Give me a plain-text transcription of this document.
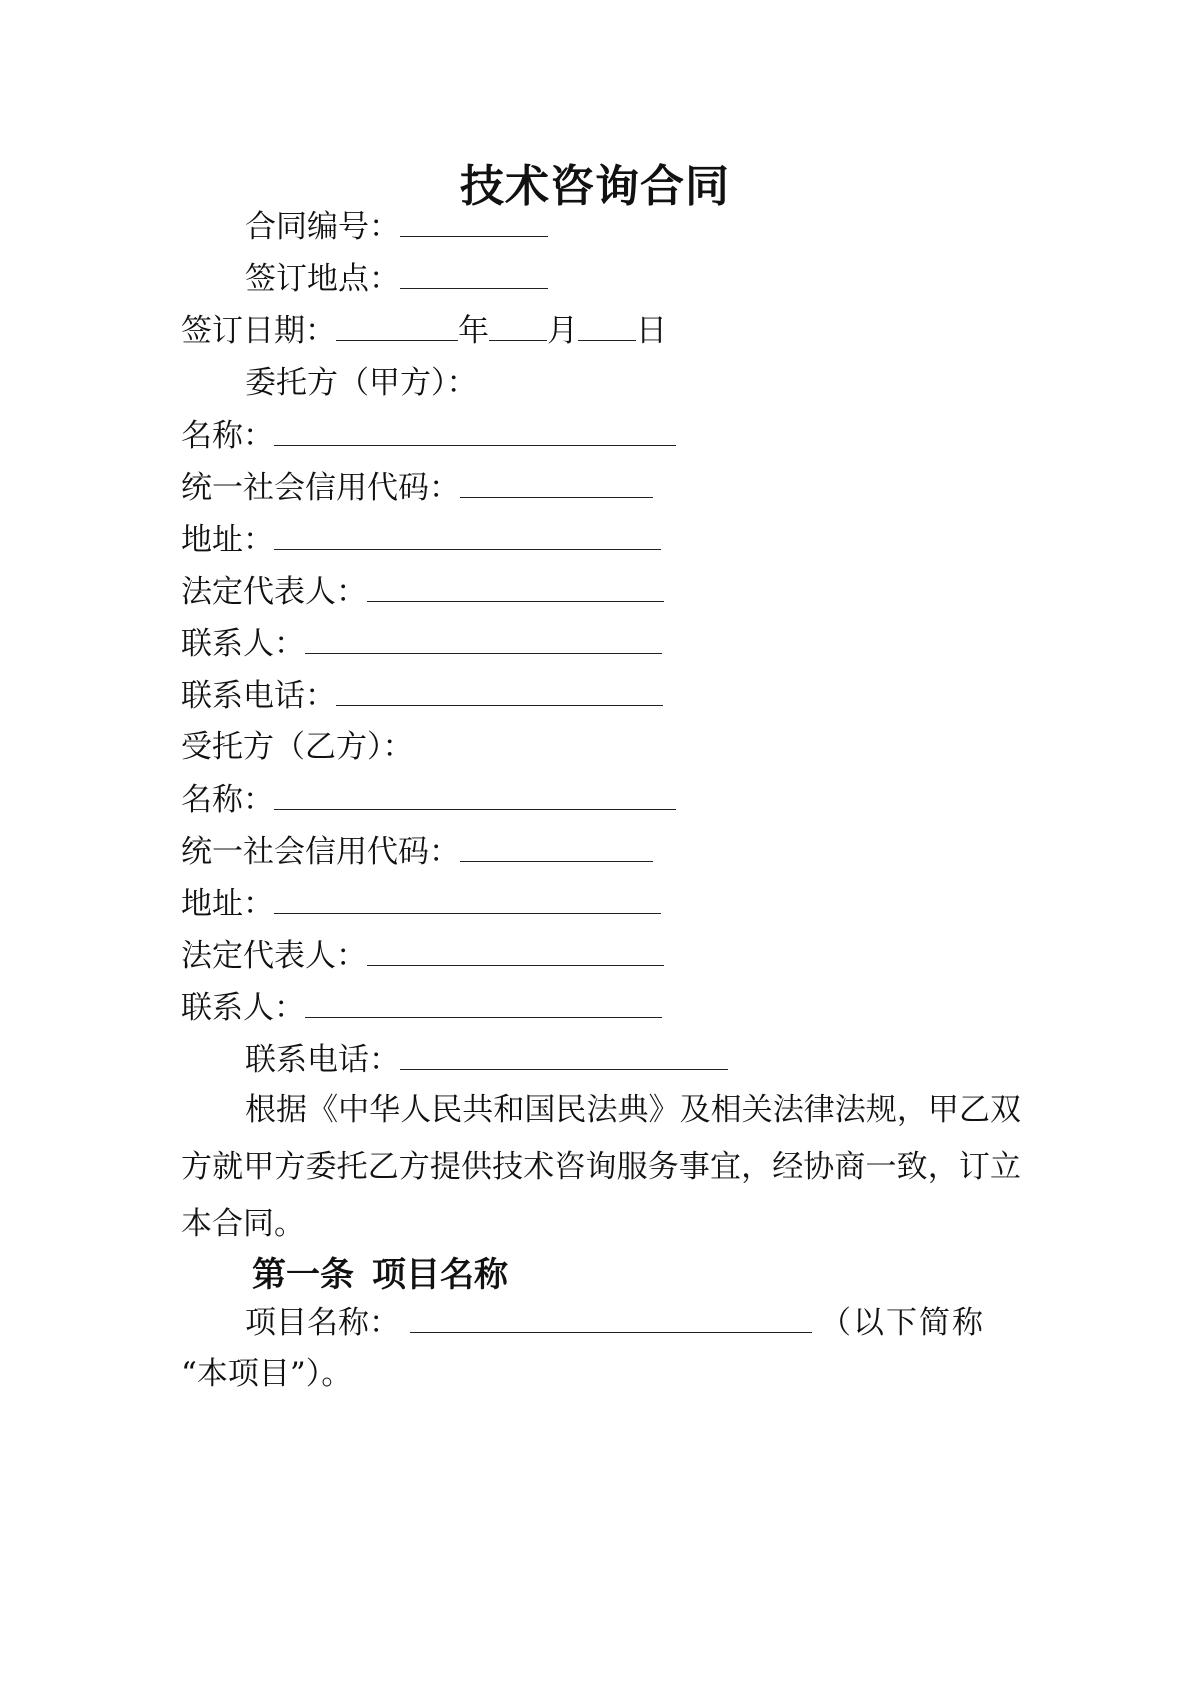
技术咨询合同
合同编号：
签订地点：
签订日期：	年 月 日
委托方（甲方）：
名称：
统一社会信用代码：
地址：
法定代表人：
联系人：
联系电话：
受托方（乙方）：
名称：
统一社会信用代码：
地址：
法定代表人：
联系人：
联系电话：

根据《中华人民共和国民法典》及相关法律法规，甲乙双方就甲方委托乙方提供技术咨询服务事宜，经协商一致，订立本合同。

第一条 项目名称
项目名称：	（以下简称
“本项目”）。
